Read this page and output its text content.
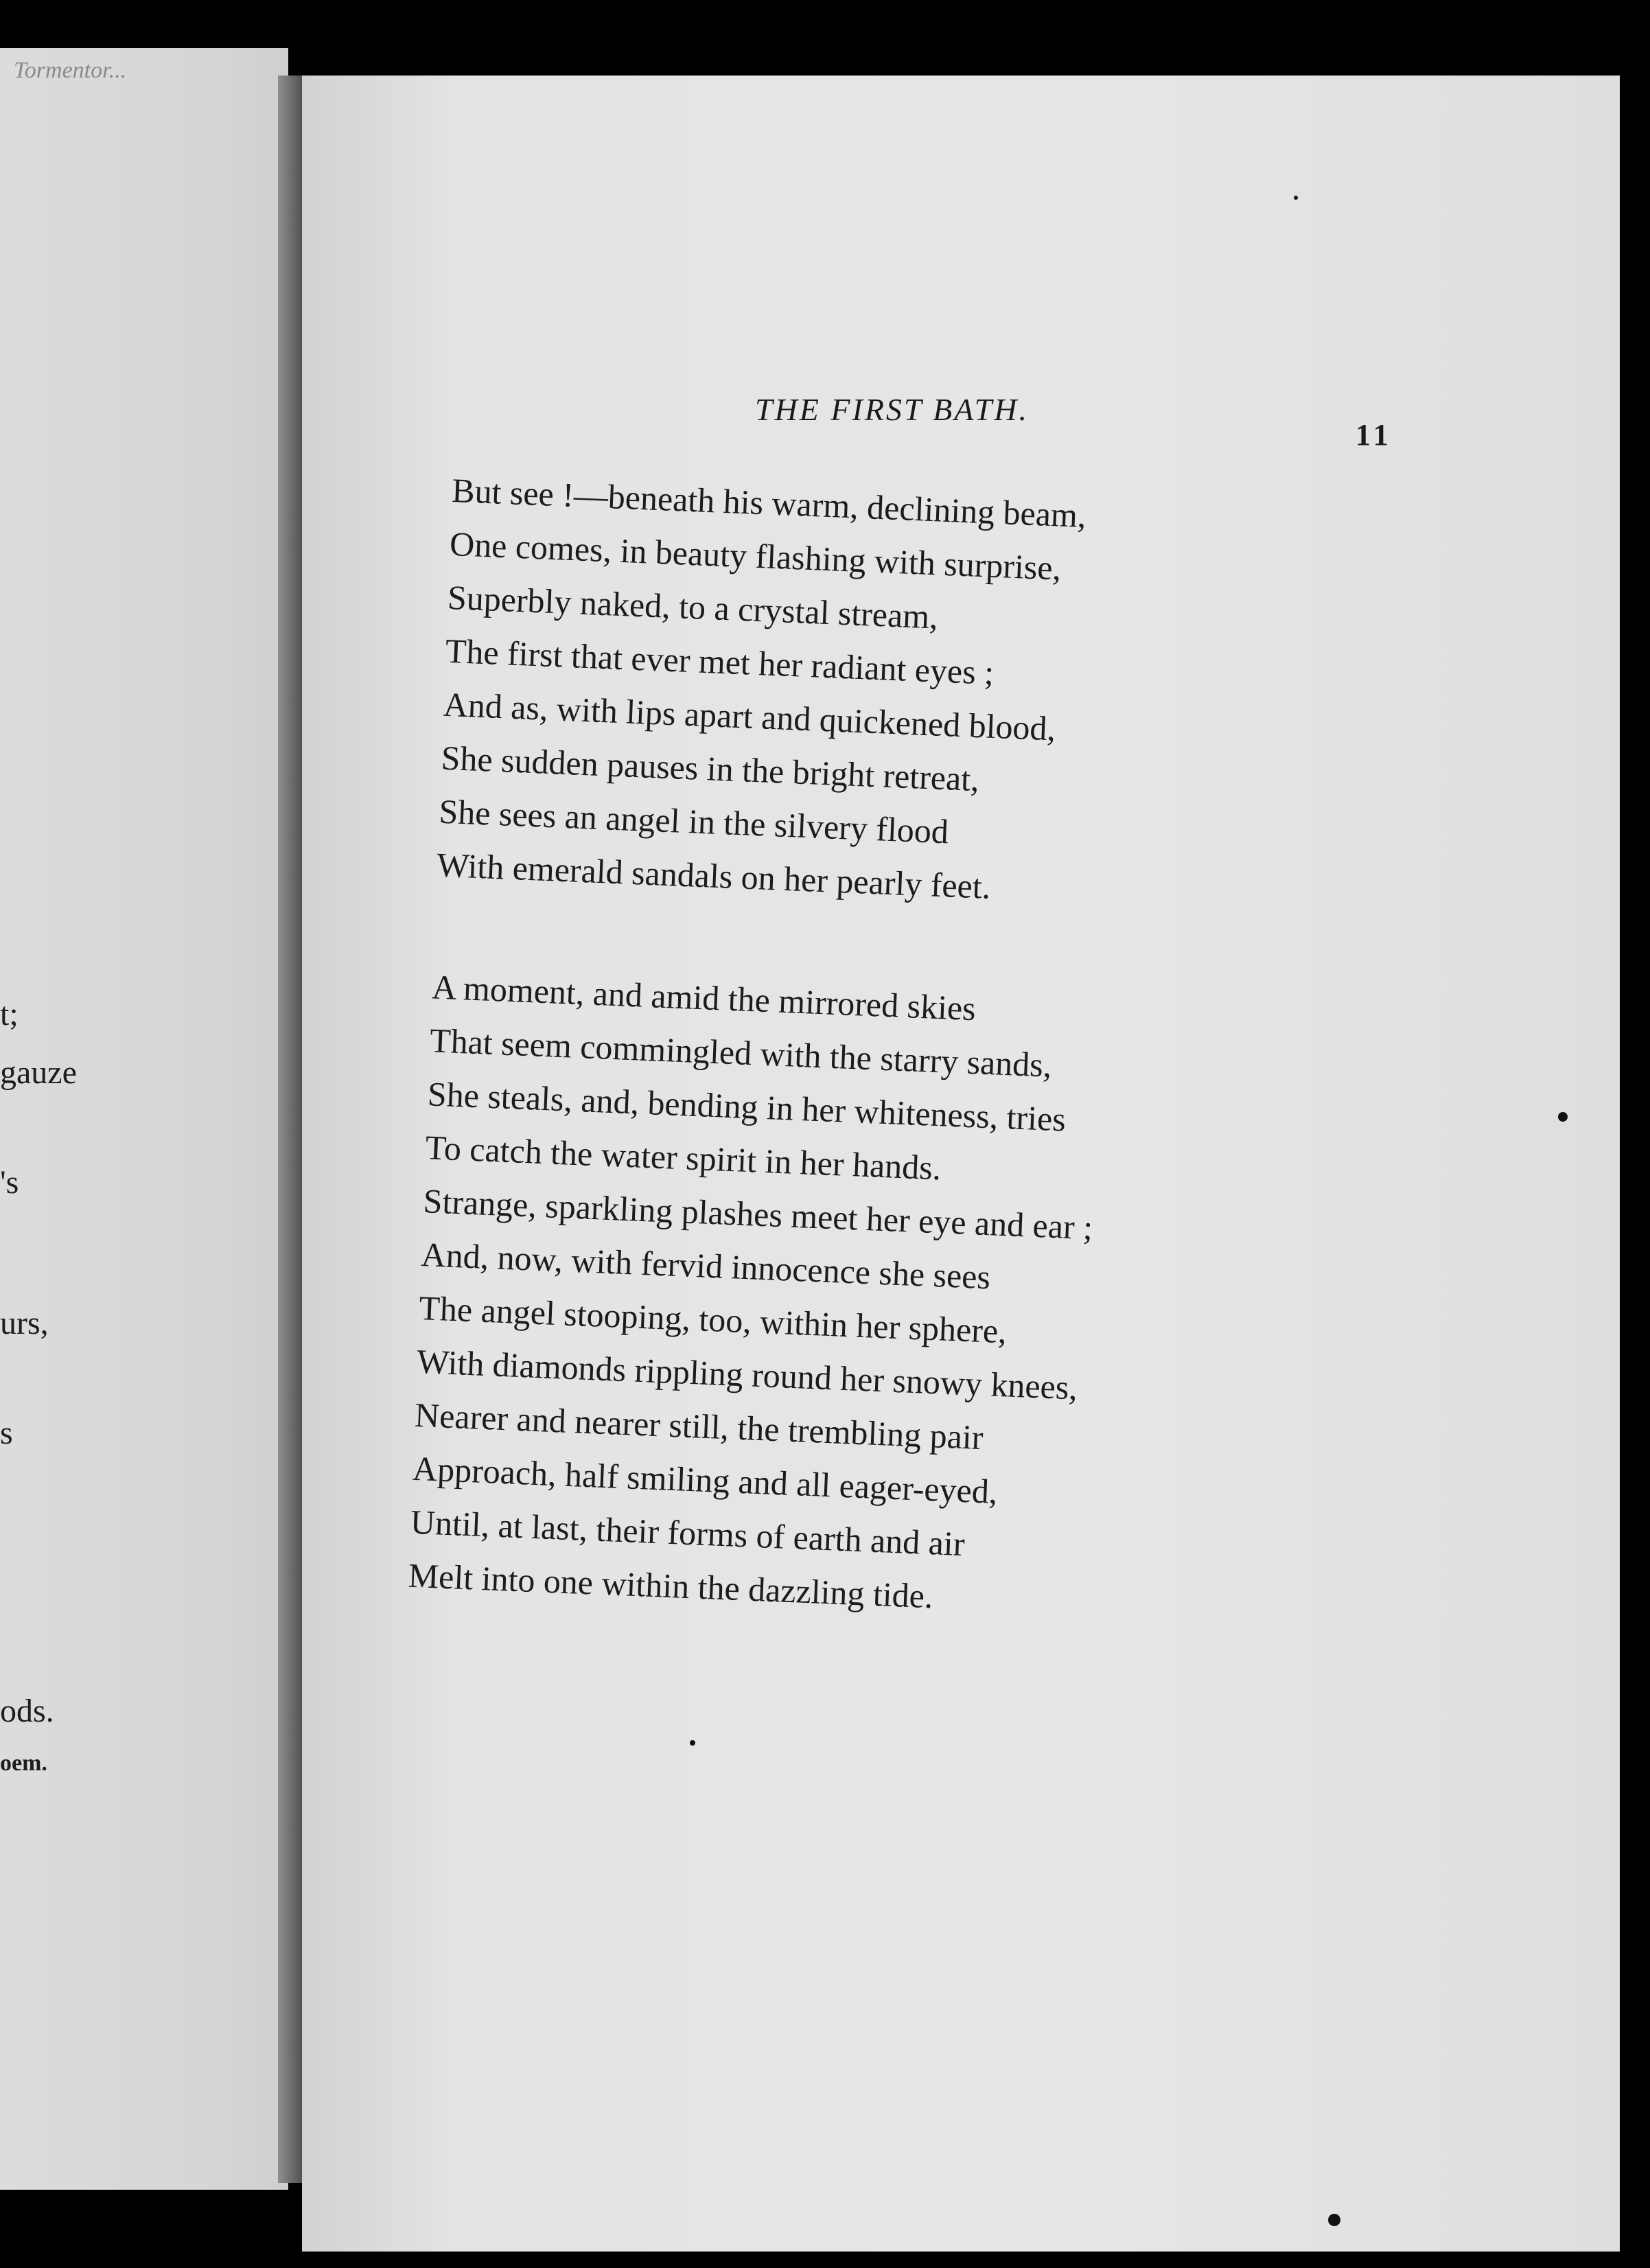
Tormentor...
t;
gauze
's
urs,
s
ods.
oem.
THE FIRST BATH.
11
But see !—beneath his warm, declining beam,
One comes, in beauty flashing with surprise,
Superbly naked, to a crystal stream,
The first that ever met her radiant eyes ;
And as, with lips apart and quickened blood,
She sudden pauses in the bright retreat,
She sees an angel in the silvery flood
With emerald sandals on her pearly feet.
A moment, and amid the mirrored skies
That seem commingled with the starry sands,
She steals, and, bending in her whiteness, tries
To catch the water spirit in her hands.
Strange, sparkling plashes meet her eye and ear ;
And, now, with fervid innocence she sees
The angel stooping, too, within her sphere,
With diamonds rippling round her snowy knees,
Nearer and nearer still, the trembling pair
Approach, half smiling and all eager-eyed,
Until, at last, their forms of earth and air
Melt into one within the dazzling tide.
